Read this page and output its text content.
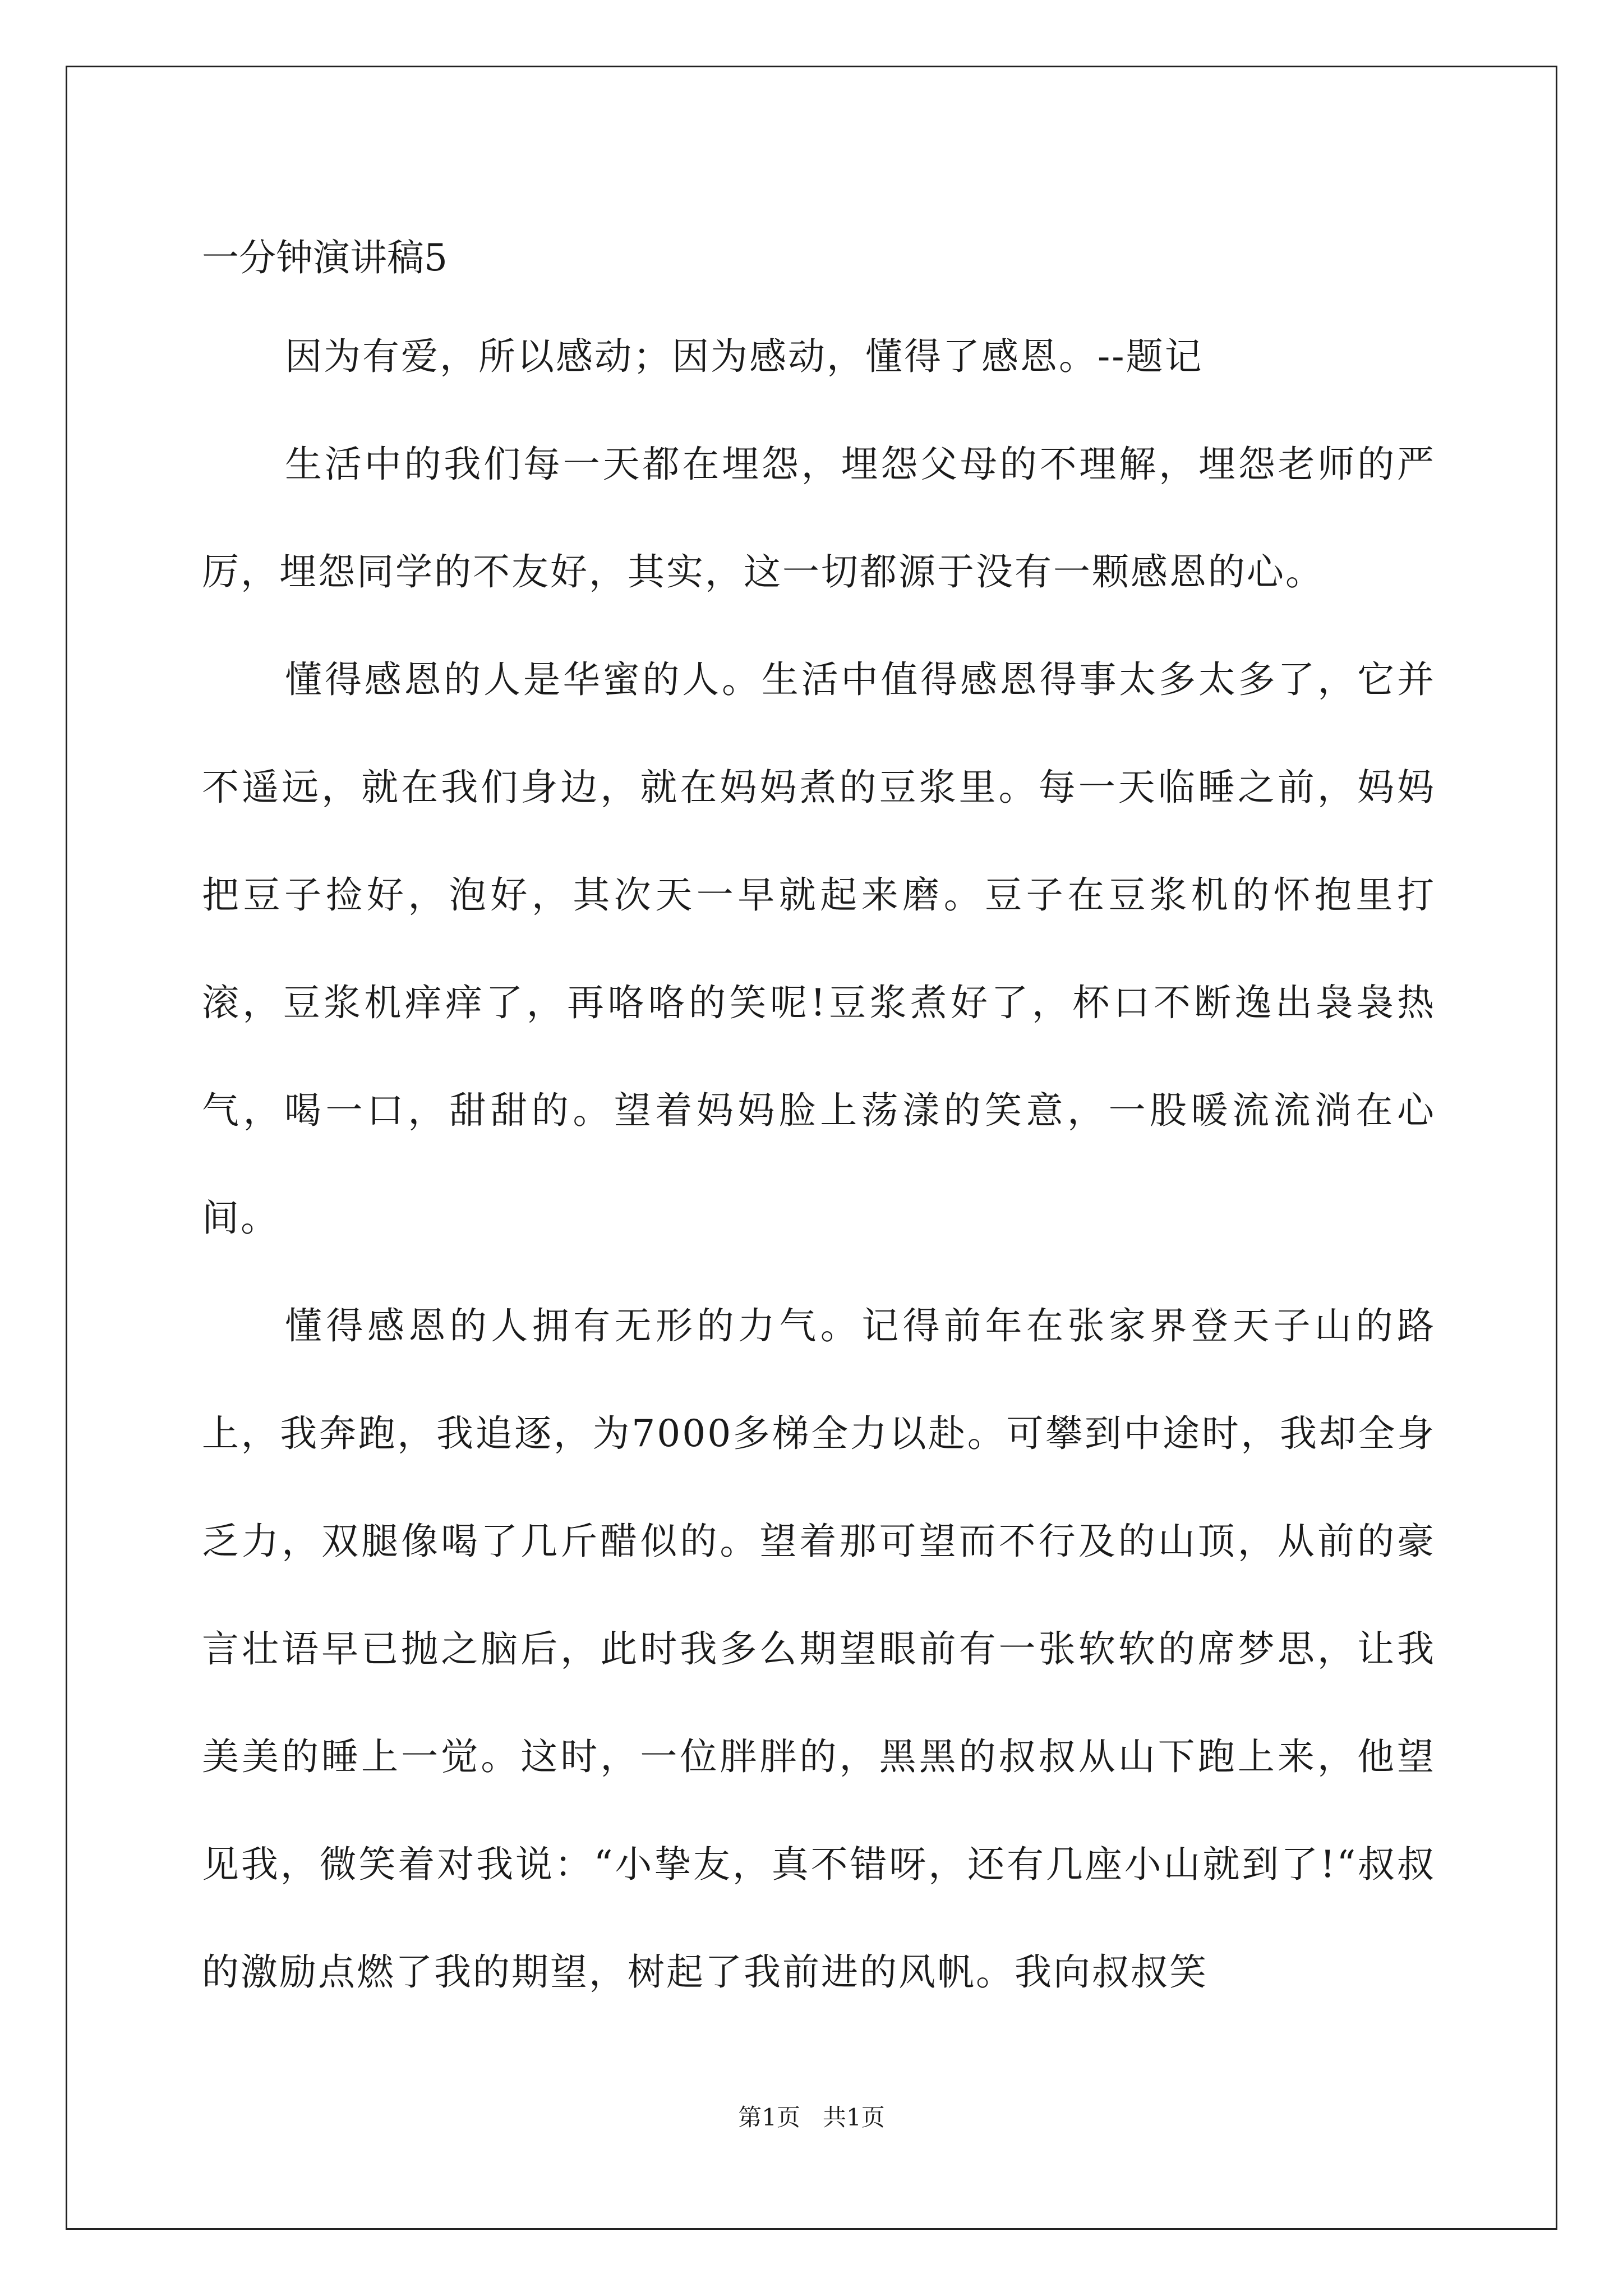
一分钟演讲稿5

因为有爱，所以感动；因为感动，懂得了感恩。--题记

生活中的我们每一天都在埋怨，埋怨父母的不理解，埋怨老师的严厉，埋怨同学的不友好，其实，这一切都源于没有一颗感恩的心。

懂得感恩的人是华蜜的人。生活中值得感恩得事太多太多了，它并不遥远，就在我们身边，就在妈妈煮的豆浆里。每一天临睡之前，妈妈把豆子捡好，泡好，其次天一早就起来磨。豆子在豆浆机的怀抱里打滚，豆浆机痒痒了，再咯咯的笑呢!豆浆煮好了，杯口不断逸出袅袅热气，喝一口，甜甜的。望着妈妈脸上荡漾的笑意，一股暖流流淌在心间。

懂得感恩的人拥有无形的力气。记得前年在张家界登天子山的路上，我奔跑，我追逐，为7000多梯全力以赴。可攀到中途时，我却全身乏力，双腿像喝了几斤醋似的。望着那可望而不行及的山顶，从前的豪言壮语早已抛之脑后，此时我多么期望眼前有一张软软的席梦思，让我美美的睡上一觉。这时，一位胖胖的，黑黑的叔叔从山下跑上来，他望见我，微笑着对我说：“小挚友，真不错呀，还有几座小山就到了!“叔叔的激励点燃了我的期望，树起了我前进的风帆。我向叔叔笑

第1页   共1页
